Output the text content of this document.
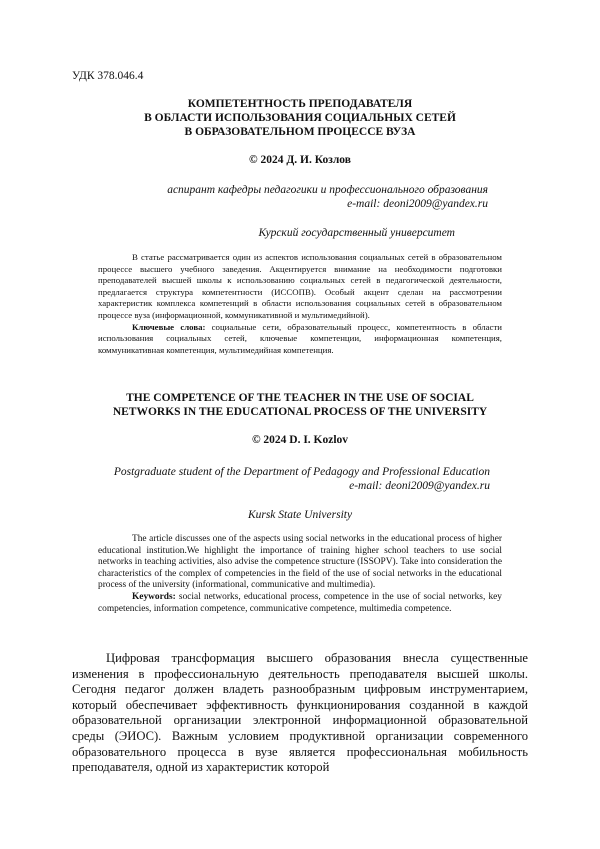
УДК 378.046.4
КОМПЕТЕНТНОСТЬ ПРЕПОДАВАТЕЛЯ
В ОБЛАСТИ ИСПОЛЬЗОВАНИЯ СОЦИАЛЬНЫХ СЕТЕЙ
В ОБРАЗОВАТЕЛЬНОМ ПРОЦЕССЕ ВУЗА
© 2024 Д. И. Козлов
аспирант кафедры педагогики и профессионального образования
e-mail: deoni2009@yandex.ru
Курский государственный университет

В статье рассматривается один из аспектов использования социальных сетей в образовательном процессе высшего учебного заведения. Акцентируется внимание на необходимости подготовки преподавателей высшей школы к использованию социальных сетей в педагогической деятельности, предлагается структура компетентности (ИССОПВ). Особый акцент сделан на рассмотрении характеристик комплекса компетенций в области использования социальных сетей в образовательном процессе вуза (информационной, коммуникативной и мультимедийной).

Ключевые слова: социальные сети, образовательный процесс, компетентность в области использования социальных сетей, ключевые компетенции, информационная компетенция, коммуникативная компетенция, мультимедийная компетенция.

THE COMPETENCE OF THE TEACHER IN THE USE OF SOCIAL
NETWORKS IN THE EDUCATIONAL PROCESS OF THE UNIVERSITY
© 2024 D. I. Kozlov
Postgraduate student of the Department of Pedagogy and Professional Education
e-mail: deoni2009@yandex.ru
Kursk State University

The article discusses one of the aspects using social networks in the educational process of higher educational institution.We highlight the importance of training higher school teachers to use social networks in teaching activities, also advise the competence structure (ISSOPV). Take into consideration the characteristics of the complex of competencies in the field of the use of social networks in the educational process of the university (informational, communicative and multimedia).

Keywords: social networks, educational process, competence in the use of social networks, key competencies, information competence, communicative competence, multimedia competence.

Цифровая трансформация высшего образования внесла существенные изменения в профессиональную деятельность преподавателя высшей школы. Сегодня педагог должен владеть разнообразным цифровым инструментарием, который обеспечивает эффективность функционирования созданной в каждой образовательной организации электронной информационной образовательной среды (ЭИОС). Важным условием продуктивной организации современного образовательного процесса в вузе является профессиональная мобильность преподавателя, одной из характеристик которой
